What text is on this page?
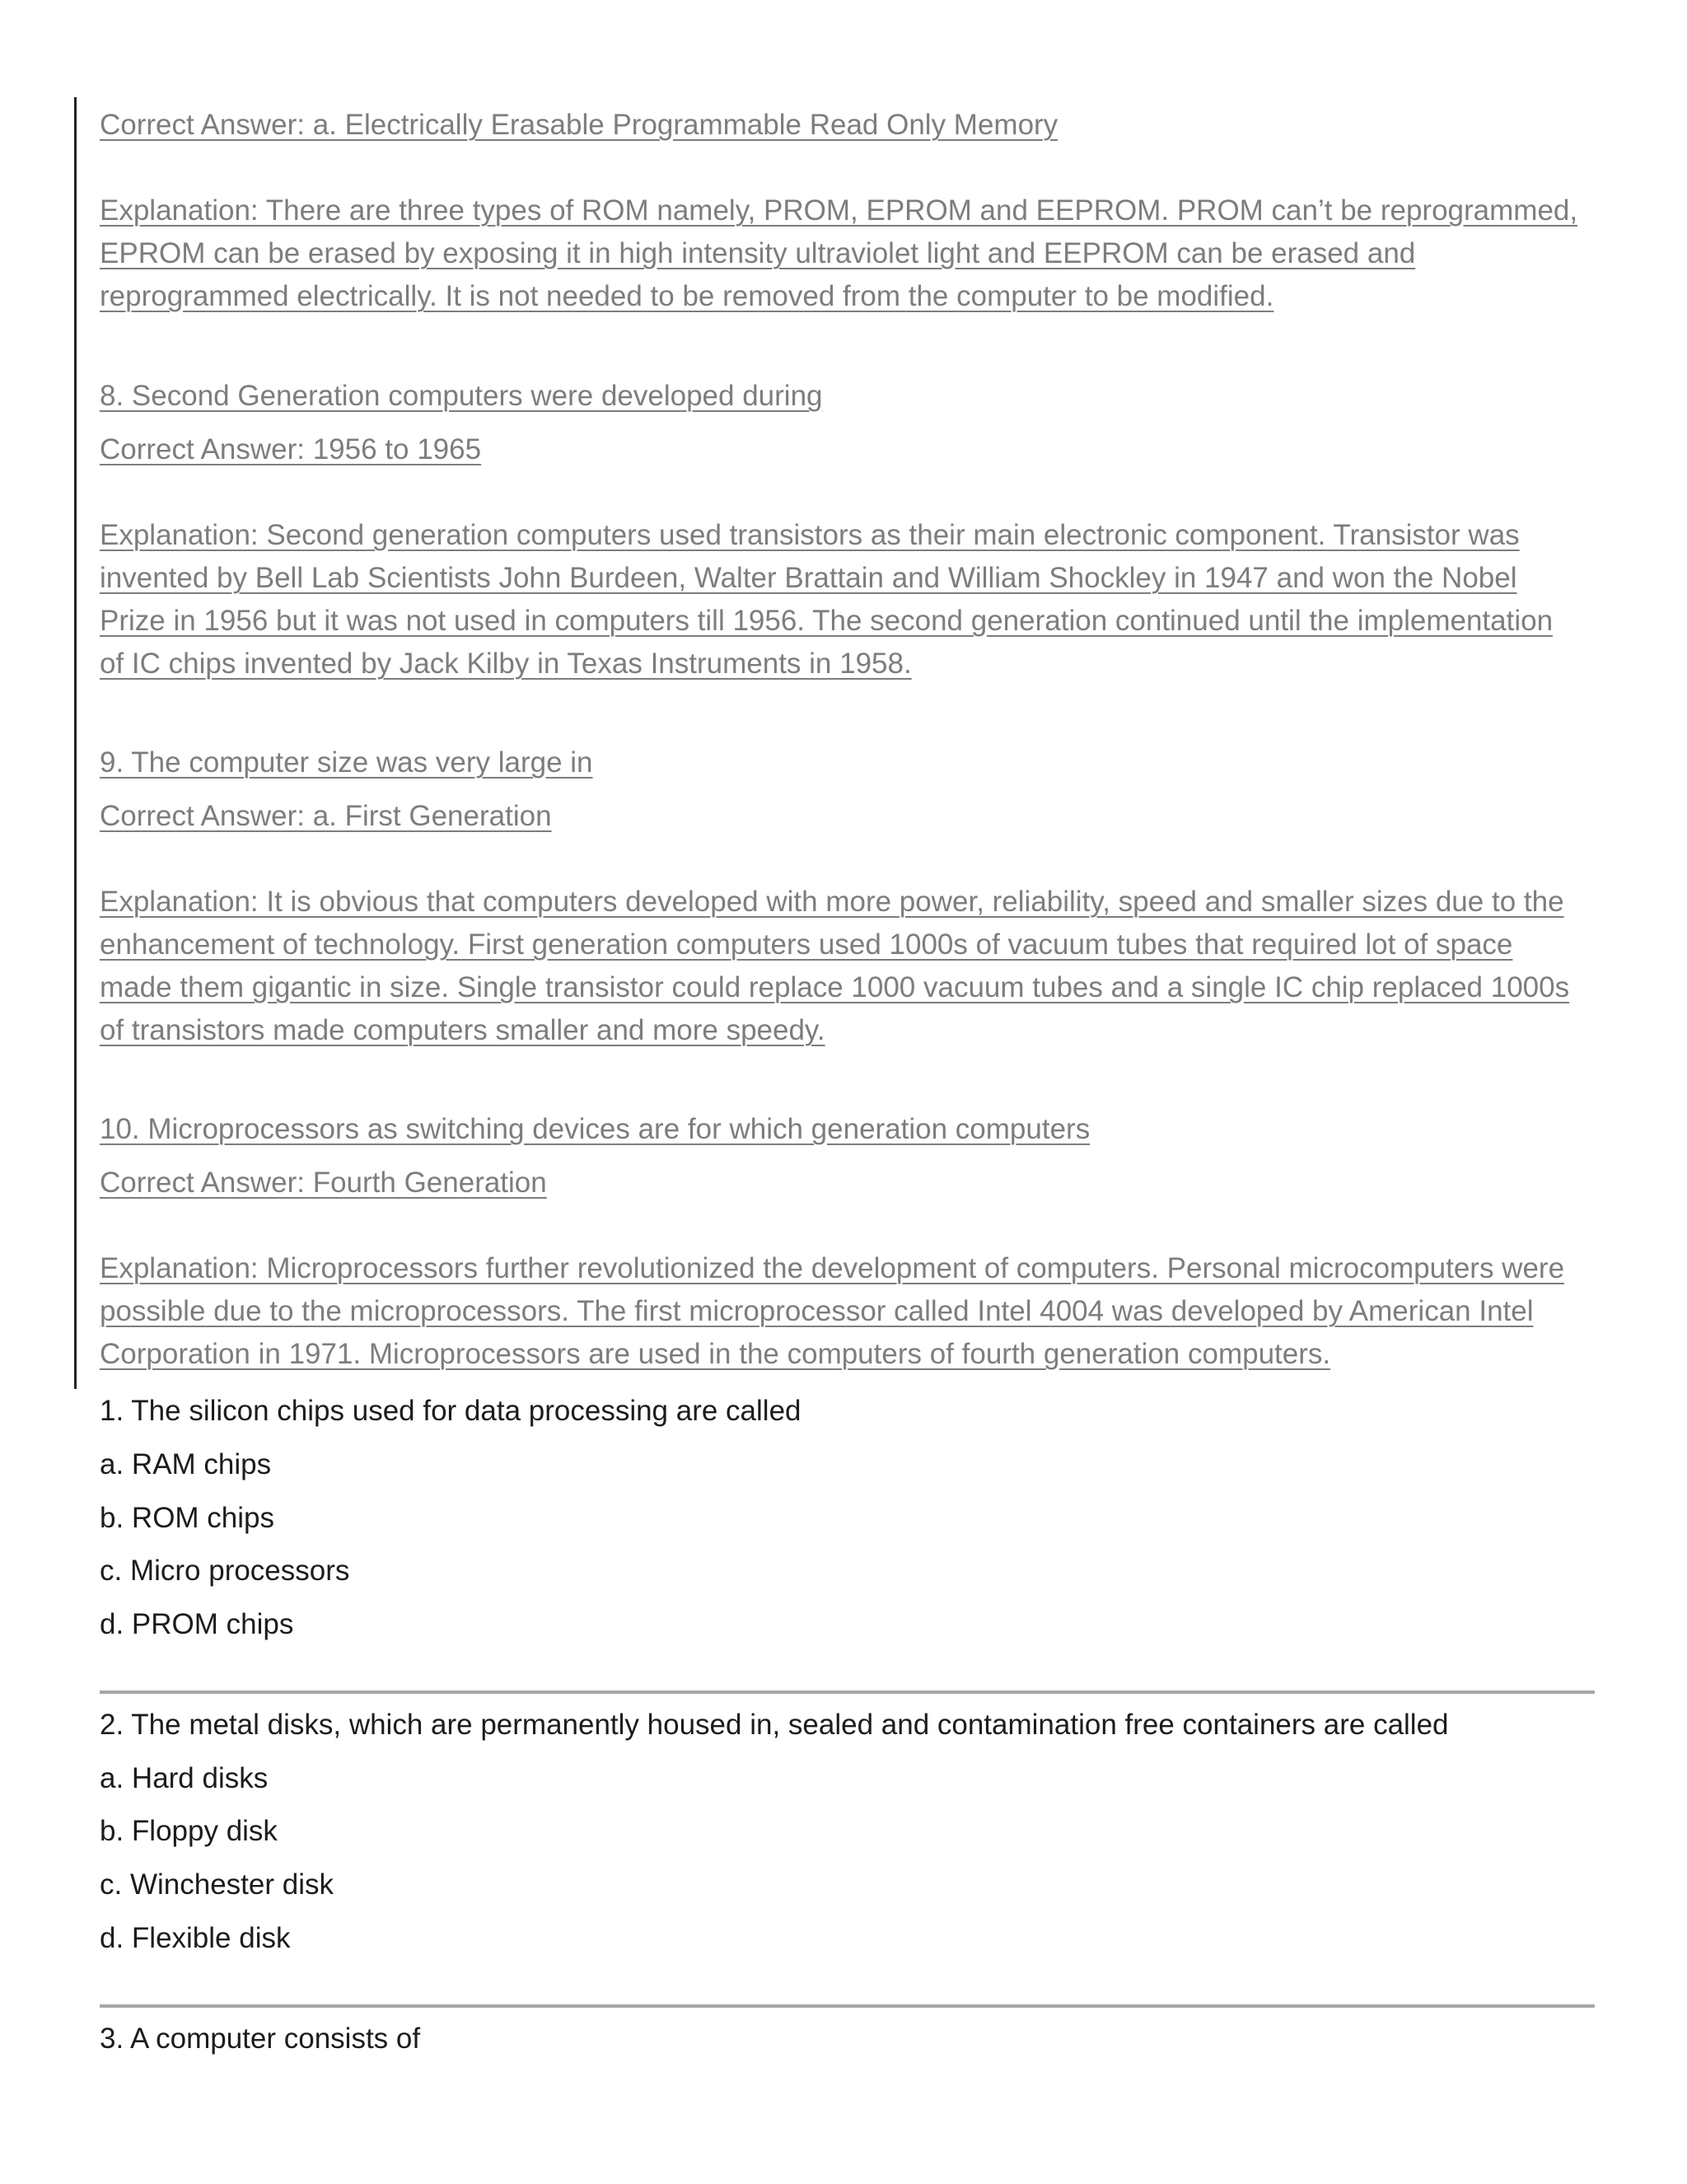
Correct Answer: a. Electrically Erasable Programmable Read Only Memory

Explanation: There are three types of ROM namely, PROM, EPROM and EEPROM. PROM can’t be reprogrammed,

EPROM can be erased by exposing it in high intensity ultraviolet light and EEPROM can be erased and

reprogrammed electrically. It is not needed to be removed from the computer to be modified.

8. Second Generation computers were developed during

Correct Answer: 1956 to 1965

Explanation: Second generation computers used transistors as their main electronic component. Transistor was

invented by Bell Lab Scientists John Burdeen, Walter Brattain and William Shockley in 1947 and won the Nobel

Prize in 1956 but it was not used in computers till 1956. The second generation continued until the implementation

of IC chips invented by Jack Kilby in Texas Instruments in 1958.

9. The computer size was very large in

Correct Answer: a. First Generation

Explanation: It is obvious that computers developed with more power, reliability, speed and smaller sizes due to the

enhancement of technology. First generation computers used 1000s of vacuum tubes that required lot of space

made them gigantic in size. Single transistor could replace 1000 vacuum tubes and a single IC chip replaced 1000s

of transistors made computers smaller and more speedy.

10. Microprocessors as switching devices are for which generation computers

Correct Answer: Fourth Generation

Explanation: Microprocessors further revolutionized the development of computers. Personal microcomputers were

possible due to the microprocessors. The first microprocessor called Intel 4004 was developed by American Intel

Corporation in 1971. Microprocessors are used in the computers of fourth generation computers.

1. The silicon chips used for data processing are called

a. RAM chips

b. ROM chips

c. Micro processors

d. PROM chips

2. The metal disks, which are permanently housed in, sealed and contamination free containers are called

a. Hard disks

b. Floppy disk

c. Winchester disk

d. Flexible disk

3. A computer consists of
